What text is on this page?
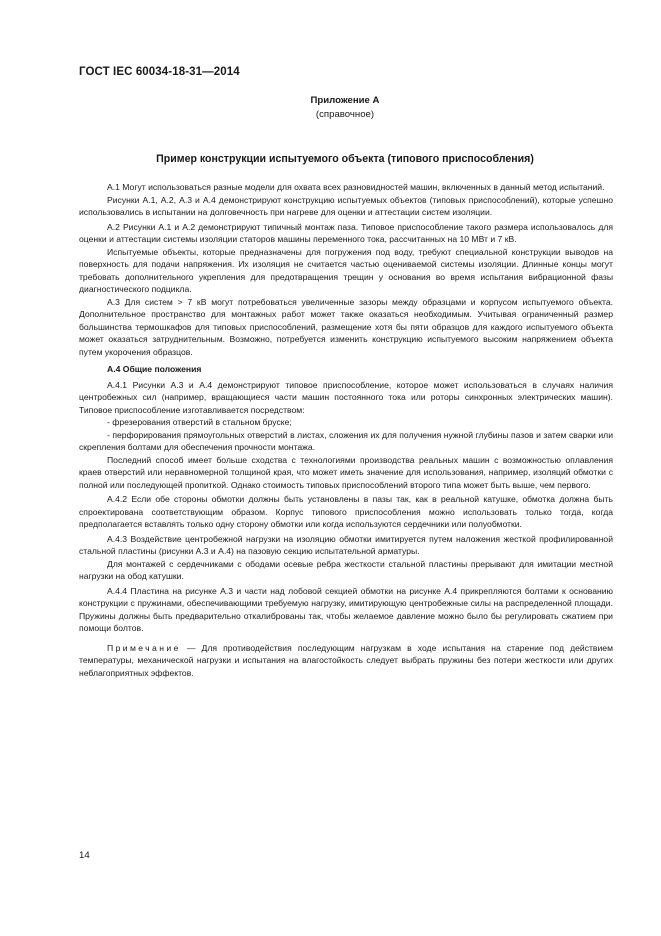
ГОСТ IEC 60034-18-31—2014
Приложение А
(справочное)
Пример конструкции испытуемого объекта (типового приспособления)

А.1 Могут использоваться разные модели для охвата всех разновидностей машин, включенных в данный метод испытаний.

Рисунки А.1, А.2, А.3 и А.4 демонстрируют конструкцию испытуемых объектов (типовых приспособлений), которые успешно использовались в испытании на долговечность при нагреве для оценки и аттестации систем изоляции.

А.2 Рисунки А.1 и А.2 демонстрируют типичный монтаж паза. Типовое приспособление такого размера использовалось для оценки и аттестации системы изоляции статоров машины переменного тока, рассчитанных на 10 МВт и 7 кВ.

Испытуемые объекты, которые предназначены для погружения под воду, требуют специальной конструкции выводов на поверхность для подачи напряжения. Их изоляция не считается частью оцениваемой системы изоляции. Длинные концы могут требовать дополнительного укрепления для предотвращения трещин у основания во время испытания вибрационной фазы диагностического подцикла.

А.3 Для систем > 7 кВ могут потребоваться увеличенные зазоры между образцами и корпусом испытуемого объекта. Дополнительное пространство для монтажных работ может также оказаться необходимым. Учитывая ограниченный размер большинства термошкафов для типовых приспособлений, размещение хотя бы пяти образцов для каждого испытуемого объекта может оказаться затруднительным. Возможно, потребуется изменить конструкцию испытуемого высоким напряжением объекта путем укорочения образцов.

А.4 Общие положения

А.4.1 Рисунки А.3 и А.4 демонстрируют типовое приспособление, которое может использоваться в случаях наличия центробежных сил (например, вращающиеся части машин постоянного тока или роторы синхронных электрических машин). Типовое приспособление изготавливается посредством:

- фрезерования отверстий в стальном бруске;

- перфорирования прямоугольных отверстий в листах, сложения их для получения нужной глубины пазов и затем сварки или скрепления болтами для обеспечения прочности монтажа.

Последний способ имеет больше сходства с технологиями производства реальных машин с возможностью оплавления краев отверстий или неравномерной толщиной края, что может иметь значение для использования, например, изоляций обмотки с полной или последующей пропиткой. Однако стоимость типовых приспособлений второго типа может быть выше, чем первого.

А.4.2 Если обе стороны обмотки должны быть установлены в пазы так, как в реальной катушке, обмотка должна быть спроектирована соответствующим образом. Корпус типового приспособления можно использовать только тогда, когда предполагается вставлять только одну сторону обмотки или когда используются сердечники или полуобмотки.

А.4.3 Воздействие центробежной нагрузки на изоляцию обмотки имитируется путем наложения жесткой профилированной стальной пластины (рисунки А.3 и А.4) на пазовую секцию испытательной арматуры.

Для монтажей с сердечниками с ободами осевые ребра жесткости стальной пластины прерывают для имитации местной нагрузки на обод катушки.

А.4.4 Пластина на рисунке А.3 и части над лобовой секцией обмотки на рисунке А.4 прикрепляются болтами к основанию конструкции с пружинами, обеспечивающими требуемую нагрузку, имитирующую центробежные силы на распределенной площади. Пружины должны быть предварительно откалиброваны так, чтобы желаемое давление можно было бы регулировать сжатием при помощи болтов.

Примечание — Для противодействия последующим нагрузкам в ходе испытания на старение под действием температуры, механической нагрузки и испытания на влагостойкость следует выбрать пружины без потери жесткости или других неблагоприятных эффектов.

14
